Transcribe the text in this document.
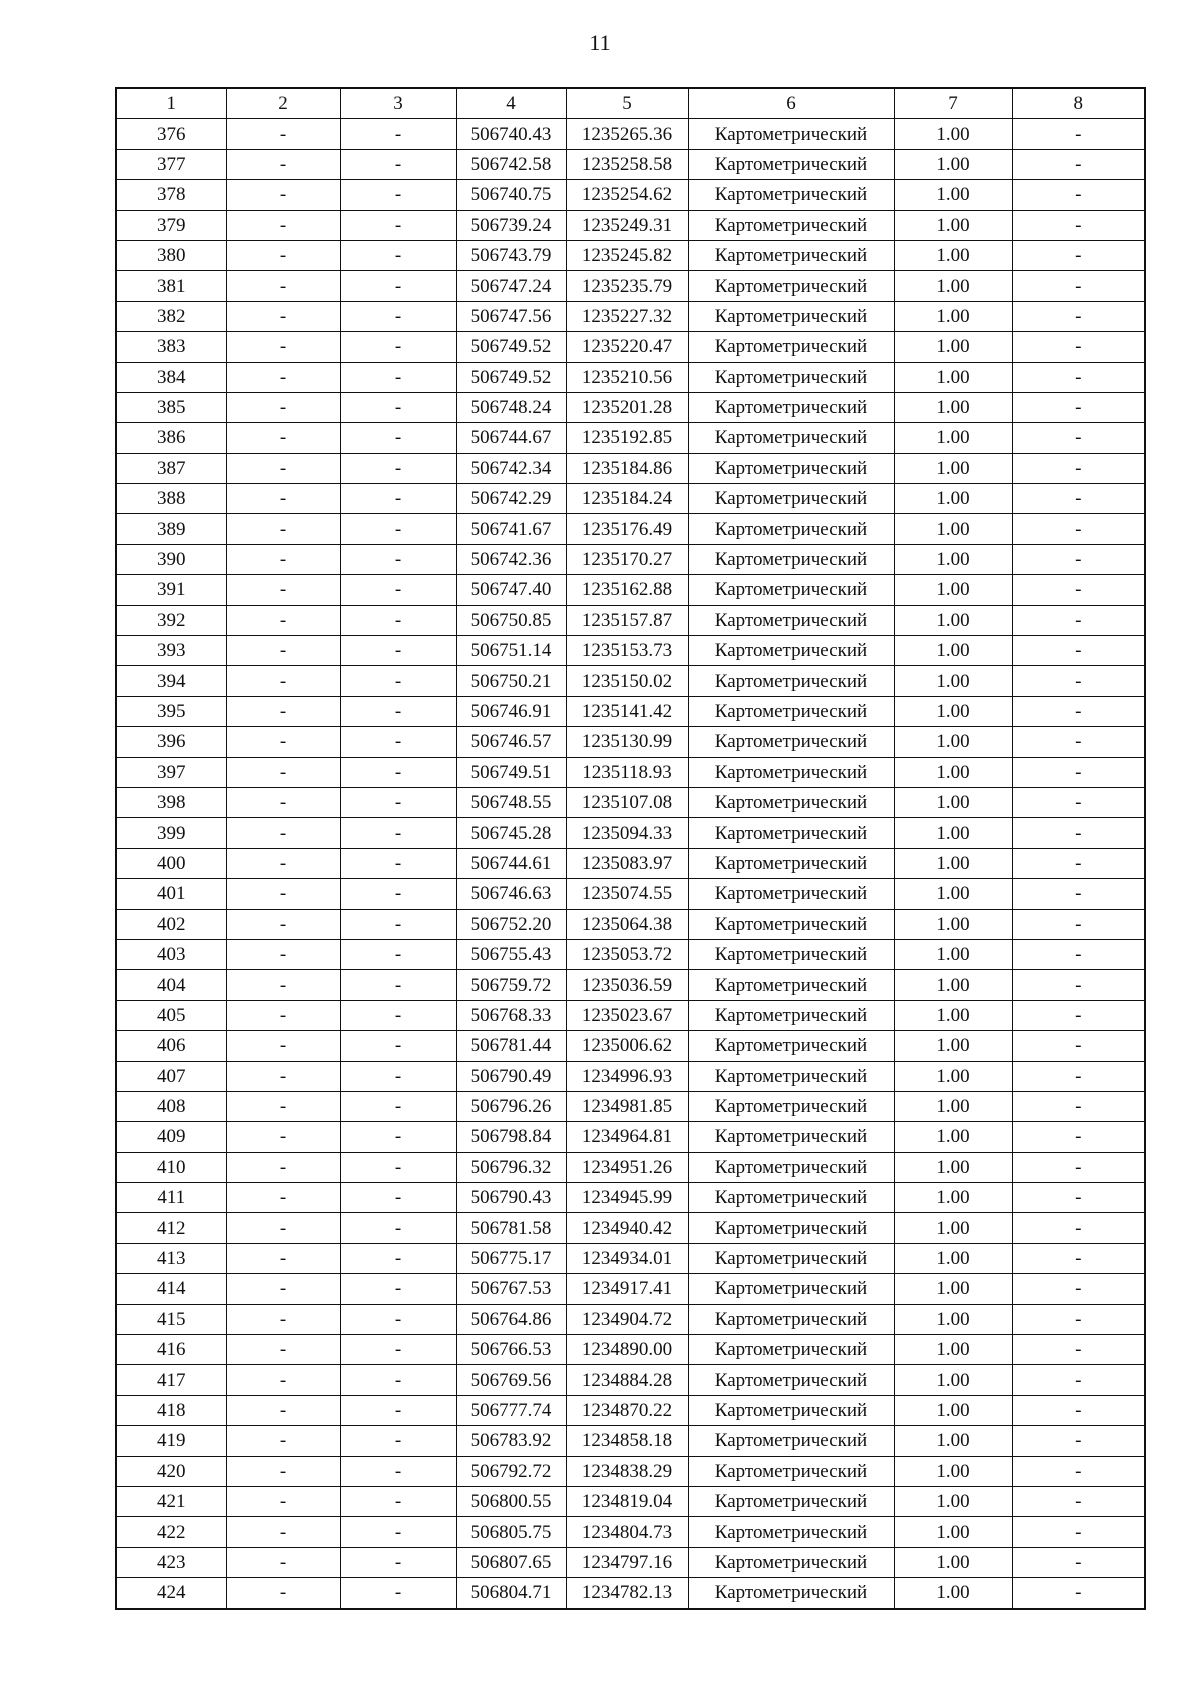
11
1	2	3	4	5	6	7	8
376	-	-	506740.43	1235265.36	Картометрический	1.00	-
377	-	-	506742.58	1235258.58	Картометрический	1.00	-
378	-	-	506740.75	1235254.62	Картометрический	1.00	-
379	-	-	506739.24	1235249.31	Картометрический	1.00	-
380	-	-	506743.79	1235245.82	Картометрический	1.00	-
381	-	-	506747.24	1235235.79	Картометрический	1.00	-
382	-	-	506747.56	1235227.32	Картометрический	1.00	-
383	-	-	506749.52	1235220.47	Картометрический	1.00	-
384	-	-	506749.52	1235210.56	Картометрический	1.00	-
385	-	-	506748.24	1235201.28	Картометрический	1.00	-
386	-	-	506744.67	1235192.85	Картометрический	1.00	-
387	-	-	506742.34	1235184.86	Картометрический	1.00	-
388	-	-	506742.29	1235184.24	Картометрический	1.00	-
389	-	-	506741.67	1235176.49	Картометрический	1.00	-
390	-	-	506742.36	1235170.27	Картометрический	1.00	-
391	-	-	506747.40	1235162.88	Картометрический	1.00	-
392	-	-	506750.85	1235157.87	Картометрический	1.00	-
393	-	-	506751.14	1235153.73	Картометрический	1.00	-
394	-	-	506750.21	1235150.02	Картометрический	1.00	-
395	-	-	506746.91	1235141.42	Картометрический	1.00	-
396	-	-	506746.57	1235130.99	Картометрический	1.00	-
397	-	-	506749.51	1235118.93	Картометрический	1.00	-
398	-	-	506748.55	1235107.08	Картометрический	1.00	-
399	-	-	506745.28	1235094.33	Картометрический	1.00	-
400	-	-	506744.61	1235083.97	Картометрический	1.00	-
401	-	-	506746.63	1235074.55	Картометрический	1.00	-
402	-	-	506752.20	1235064.38	Картометрический	1.00	-
403	-	-	506755.43	1235053.72	Картометрический	1.00	-
404	-	-	506759.72	1235036.59	Картометрический	1.00	-
405	-	-	506768.33	1235023.67	Картометрический	1.00	-
406	-	-	506781.44	1235006.62	Картометрический	1.00	-
407	-	-	506790.49	1234996.93	Картометрический	1.00	-
408	-	-	506796.26	1234981.85	Картометрический	1.00	-
409	-	-	506798.84	1234964.81	Картометрический	1.00	-
410	-	-	506796.32	1234951.26	Картометрический	1.00	-
411	-	-	506790.43	1234945.99	Картометрический	1.00	-
412	-	-	506781.58	1234940.42	Картометрический	1.00	-
413	-	-	506775.17	1234934.01	Картометрический	1.00	-
414	-	-	506767.53	1234917.41	Картометрический	1.00	-
415	-	-	506764.86	1234904.72	Картометрический	1.00	-
416	-	-	506766.53	1234890.00	Картометрический	1.00	-
417	-	-	506769.56	1234884.28	Картометрический	1.00	-
418	-	-	506777.74	1234870.22	Картометрический	1.00	-
419	-	-	506783.92	1234858.18	Картометрический	1.00	-
420	-	-	506792.72	1234838.29	Картометрический	1.00	-
421	-	-	506800.55	1234819.04	Картометрический	1.00	-
422	-	-	506805.75	1234804.73	Картометрический	1.00	-
423	-	-	506807.65	1234797.16	Картометрический	1.00	-
424	-	-	506804.71	1234782.13	Картометрический	1.00	-
